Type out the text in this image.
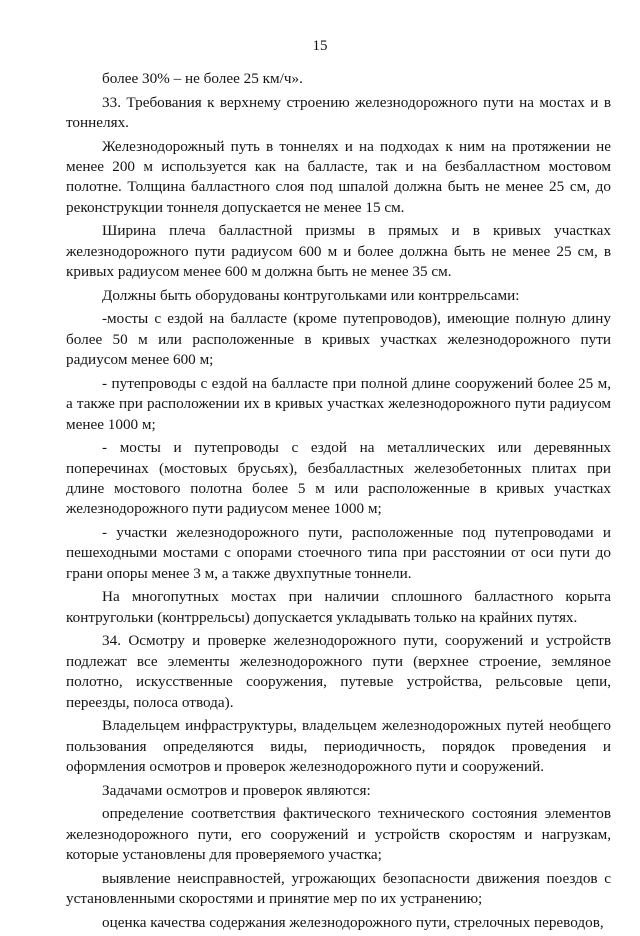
15

более 30% – не более 25 км/ч».

33. Требования к верхнему строению железнодорожного пути на мостах и в тоннелях.

Железнодорожный путь в тоннелях и на подходах к ним на протяжении не менее 200 м используется как на балласте, так и на безбалластном мостовом полотне. Толщина балластного слоя под шпалой должна быть не менее 25 см, до реконструкции тоннеля допускается не менее 15 см.

Ширина плеча балластной призмы в прямых и в кривых участках железнодорожного пути радиусом 600 м и более должна быть не менее 25 см, в кривых радиусом менее 600 м должна быть не менее 35 см.

Должны быть оборудованы контругольками или контррельсами:

-мосты с ездой на балласте (кроме путепроводов), имеющие полную длину более 50 м или расположенные в кривых участках железнодорожного пути радиусом менее 600 м;

- путепроводы с ездой на балласте при полной длине сооружений более 25 м, а также при расположении их в кривых участках железнодорожного пути радиусом менее 1000 м;

- мосты и путепроводы с ездой на металлических или деревянных поперечинах (мостовых брусьях), безбалластных железобетонных плитах при длине мостового полотна более 5 м или расположенные в кривых участках железнодорожного пути радиусом менее 1000 м;

- участки железнодорожного пути, расположенные под путепроводами и пешеходными мостами с опорами стоечного типа при расстоянии от оси пути до грани опоры менее 3 м, а также двухпутные тоннели.

На многопутных мостах при наличии сплошного балластного корыта контругольки (контррельсы) допускается укладывать только на крайних путях.

34. Осмотру и проверке железнодорожного пути, сооружений и устройств подлежат все элементы железнодорожного пути (верхнее строение, земляное полотно, искусственные сооружения, путевые устройства, рельсовые цепи, переезды, полоса отвода).

Владельцем инфраструктуры, владельцем железнодорожных путей необщего пользования определяются виды, периодичность, порядок проведения и оформления осмотров и проверок железнодорожного пути и сооружений.

Задачами осмотров и проверок являются:

определение соответствия фактического технического состояния элементов железнодорожного пути, его сооружений и устройств скоростям и нагрузкам, которые установлены для проверяемого участка;

выявление неисправностей, угрожающих безопасности движения поездов с установленными скоростями и принятие мер по их устранению;

оценка качества содержания железнодорожного пути, стрелочных переводов,
